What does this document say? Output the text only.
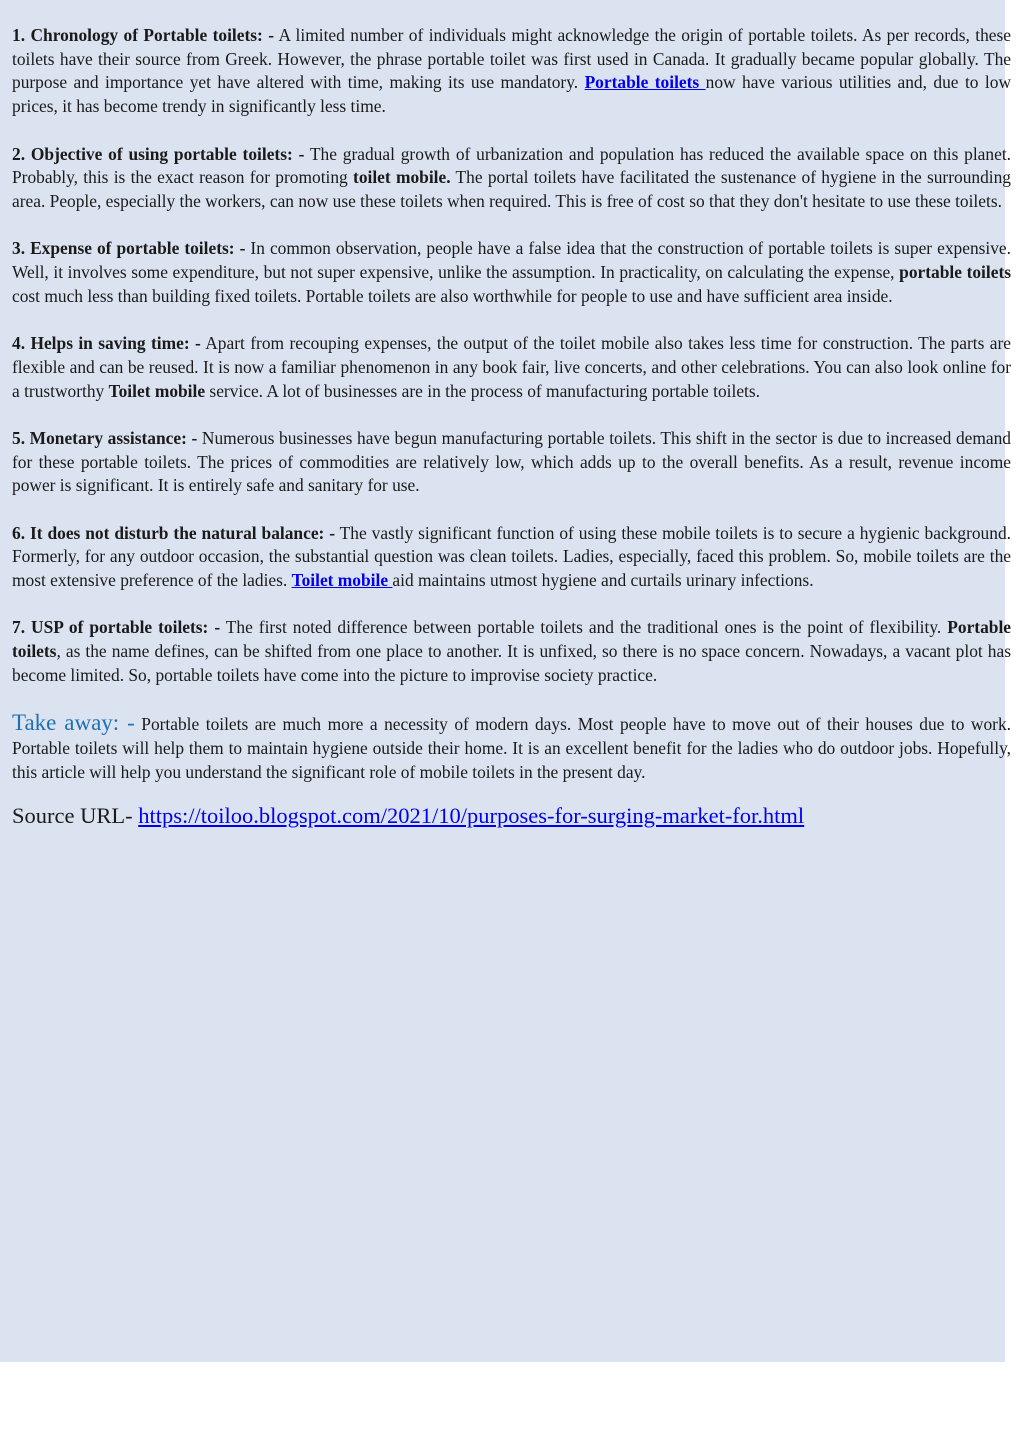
1. Chronology of Portable toilets: - A limited number of individuals might acknowledge the origin of portable toilets. As per records, these toilets have their source from Greek. However, the phrase portable toilet was first used in Canada. It gradually became popular globally. The purpose and importance yet have altered with time, making its use mandatory. Portable toilets now have various utilities and, due to low prices, it has become trendy in significantly less time.

2. Objective of using portable toilets: - The gradual growth of urbanization and population has reduced the available space on this planet. Probably, this is the exact reason for promoting toilet mobile. The portal toilets have facilitated the sustenance of hygiene in the surrounding area. People, especially the workers, can now use these toilets when required. This is free of cost so that they don't hesitate to use these toilets.

3. Expense of portable toilets: - In common observation, people have a false idea that the construction of portable toilets is super expensive. Well, it involves some expenditure, but not super expensive, unlike the assumption. In practicality, on calculating the expense, portable toilets cost much less than building fixed toilets. Portable toilets are also worthwhile for people to use and have sufficient area inside.

4. Helps in saving time: - Apart from recouping expenses, the output of the toilet mobile also takes less time for construction. The parts are flexible and can be reused. It is now a familiar phenomenon in any book fair, live concerts, and other celebrations. You can also look online for a trustworthy Toilet mobile service. A lot of businesses are in the process of manufacturing portable toilets.

5. Monetary assistance: - Numerous businesses have begun manufacturing portable toilets. This shift in the sector is due to increased demand for these portable toilets. The prices of commodities are relatively low, which adds up to the overall benefits. As a result, revenue income power is significant. It is entirely safe and sanitary for use.

6. It does not disturb the natural balance: - The vastly significant function of using these mobile toilets is to secure a hygienic background. Formerly, for any outdoor occasion, the substantial question was clean toilets. Ladies, especially, faced this problem. So, mobile toilets are the most extensive preference of the ladies. Toilet mobile aid maintains utmost hygiene and curtails urinary infections.

7. USP of portable toilets: - The first noted difference between portable toilets and the traditional ones is the point of flexibility. Portable toilets, as the name defines, can be shifted from one place to another. It is unfixed, so there is no space concern. Nowadays, a vacant plot has become limited. So, portable toilets have come into the picture to improvise society practice.

Take away: - Portable toilets are much more a necessity of modern days. Most people have to move out of their houses due to work. Portable toilets will help them to maintain hygiene outside their home. It is an excellent benefit for the ladies who do outdoor jobs. Hopefully, this article will help you understand the significant role of mobile toilets in the present day.

Source URL- https://toiloo.blogspot.com/2021/10/purposes-for-surging-market-for.html
